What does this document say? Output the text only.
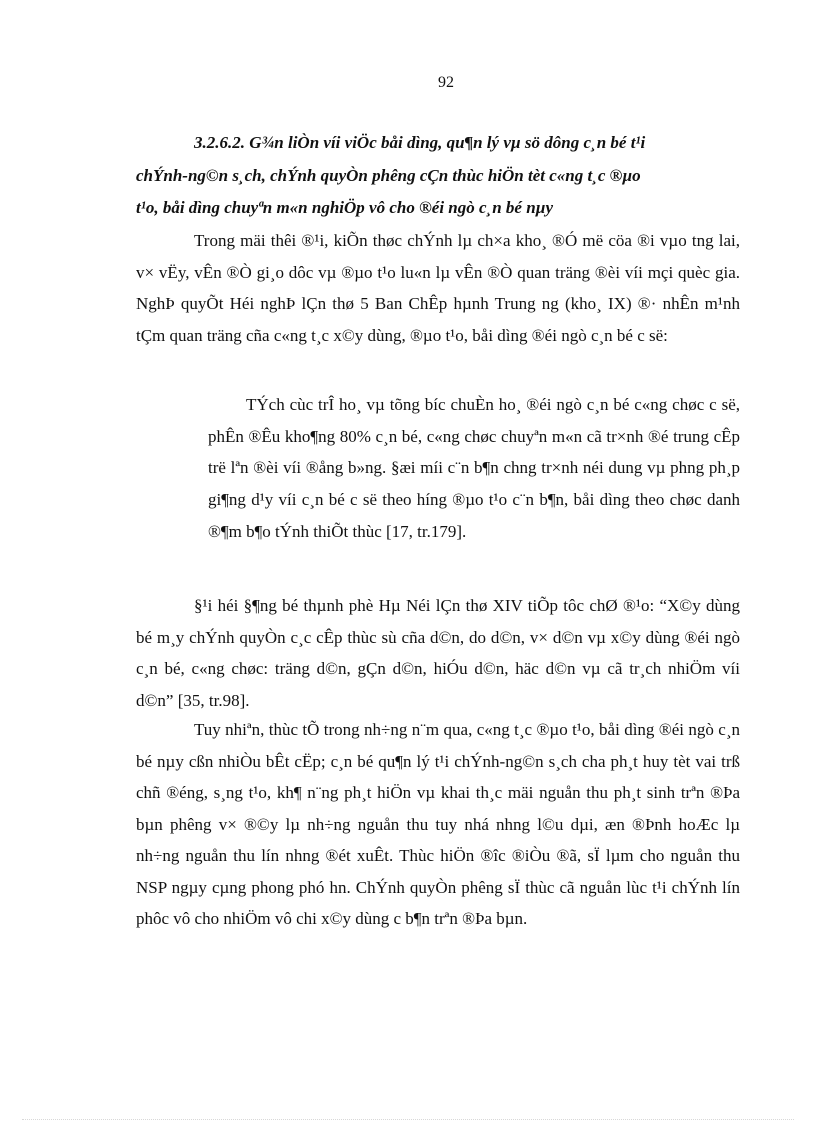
92
3.2.6.2. G¾n liÒn víi viÖc båi dìng, qu¶n lý vµ sö dông c¸n bé t¹i
chÝnh-ng©n s¸ch, chÝnh quyÒn phêng cÇn thùc hiÖn tèt c«ng t¸c ®µo
t¹o, båi dìng chuyªn m«n nghiÖp vô cho ®éi ngò c¸n bé nµy

Trong mäi thêi ®¹i, kiÕn thøc chÝnh lµ ch×a kho¸ ®Ó më cöa ®i vµo tng lai, v× vËy, vÊn ®Ò gi¸o dôc vµ ®µo t¹o lu«n lµ vÊn ®Ò quan träng ®èi víi mçi quèc gia. NghÞ quyÕt Héi nghÞ lÇn thø 5 Ban ChÊp hµnh Trung ng (kho¸ IX) ®· nhÊn m¹nh tÇm quan träng cña c«ng t¸c x©y dùng, ®µo t¹o, båi dìng ®éi ngò c¸n bé c së:

TÝch cùc trÎ ho¸ vµ tõng bíc chuÈn ho¸ ®éi ngò c¸n bé c«ng chøc c së, phÊn ®Êu kho¶ng 80% c¸n bé, c«ng chøc chuyªn m«n cã tr×nh ®é trung cÊp trë lªn ®èi víi ®ång b»ng. §æi míi c¨n b¶n chng tr×nh néi dung vµ phng ph¸p gi¶ng d¹y víi c¸n bé c së theo híng ®µo t¹o c¨n b¶n, båi dìng theo chøc danh ®¶m b¶o tÝnh thiÕt thùc [17, tr.179].

§¹i héi §¶ng bé thµnh phè Hµ Néi lÇn thø XIV tiÕp tôc chØ ®¹o: “X©y dùng bé m¸y chÝnh quyÒn c¸c cÊp thùc sù cña d©n, do d©n, v× d©n vµ x©y dùng ®éi ngò c¸n bé, c«ng chøc: träng d©n, gÇn d©n, hiÓu d©n, häc d©n vµ cã tr¸ch nhiÖm víi d©n” [35, tr.98].

Tuy nhiªn, thùc tÕ trong nh÷ng n¨m qua, c«ng t¸c ®µo t¹o, båi dìng ®éi ngò c¸n bé nµy cßn nhiÒu bÊt cËp; c¸n bé qu¶n lý t¹i chÝnh-ng©n s¸ch cha ph¸t huy tèt vai trß chñ ®éng, s¸ng t¹o, kh¶ n¨ng ph¸t hiÖn vµ khai th¸c mäi nguån thu ph¸t sinh trªn ®Þa bµn phêng v× ®©y lµ nh÷ng nguån thu tuy nhá nhng l©u dµi, æn ®Þnh hoÆc lµ nh÷ng nguån thu lín nhng ®ét xuÊt. Thùc hiÖn ®îc ®iÒu ®ã, sÏ lµm cho nguån thu NSP ngµy cµng phong phó hn. ChÝnh quyÒn phêng sÏ thùc cã nguån lùc t¹i chÝnh lín phôc vô cho nhiÖm vô chi x©y dùng c b¶n trªn ®Þa bµn.
